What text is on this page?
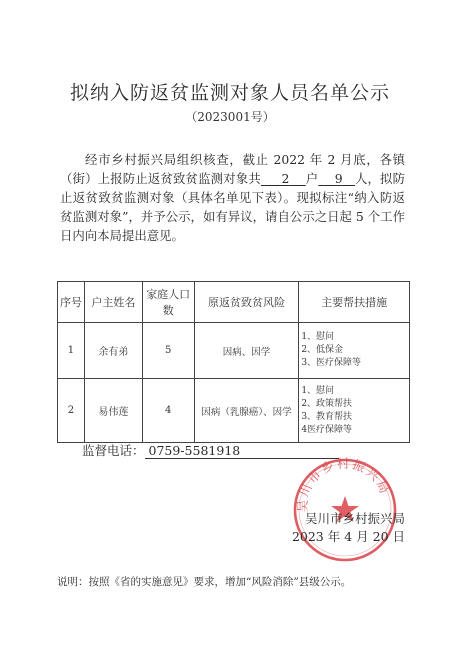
拟纳入防返贫监测对象人员名单公示
（2023001号）
经市乡村振兴局组织核查，截止 2022 年 2 月底，各镇（街）上报防止返贫致贫监测对象共 2 户 9 人，拟防止返贫致贫监测对象（具体名单见下表）。现拟标注“纳入防返贫监测对象”，并予公示，如有异议，请自公示之日起 5 个工作日内向本局提出意见。
序号	户主姓名	家庭人口数	原返贫致贫风险	主要帮扶措施
1	余有弟	5	因病、因学	1、慰问
2、低保金
3、医疗保障等

2	易伟莲	4	因病（乳腺癌）、因学	1、慰问
2、政策帮扶
3、教育帮扶
4医疗保障等
监督电话： 0759-5581918
吴川市乡村振兴局
吴川市乡村振兴局
2023 年 4 月 20 日
说明：按照《省的实施意见》要求，增加“风险消除”县级公示。
